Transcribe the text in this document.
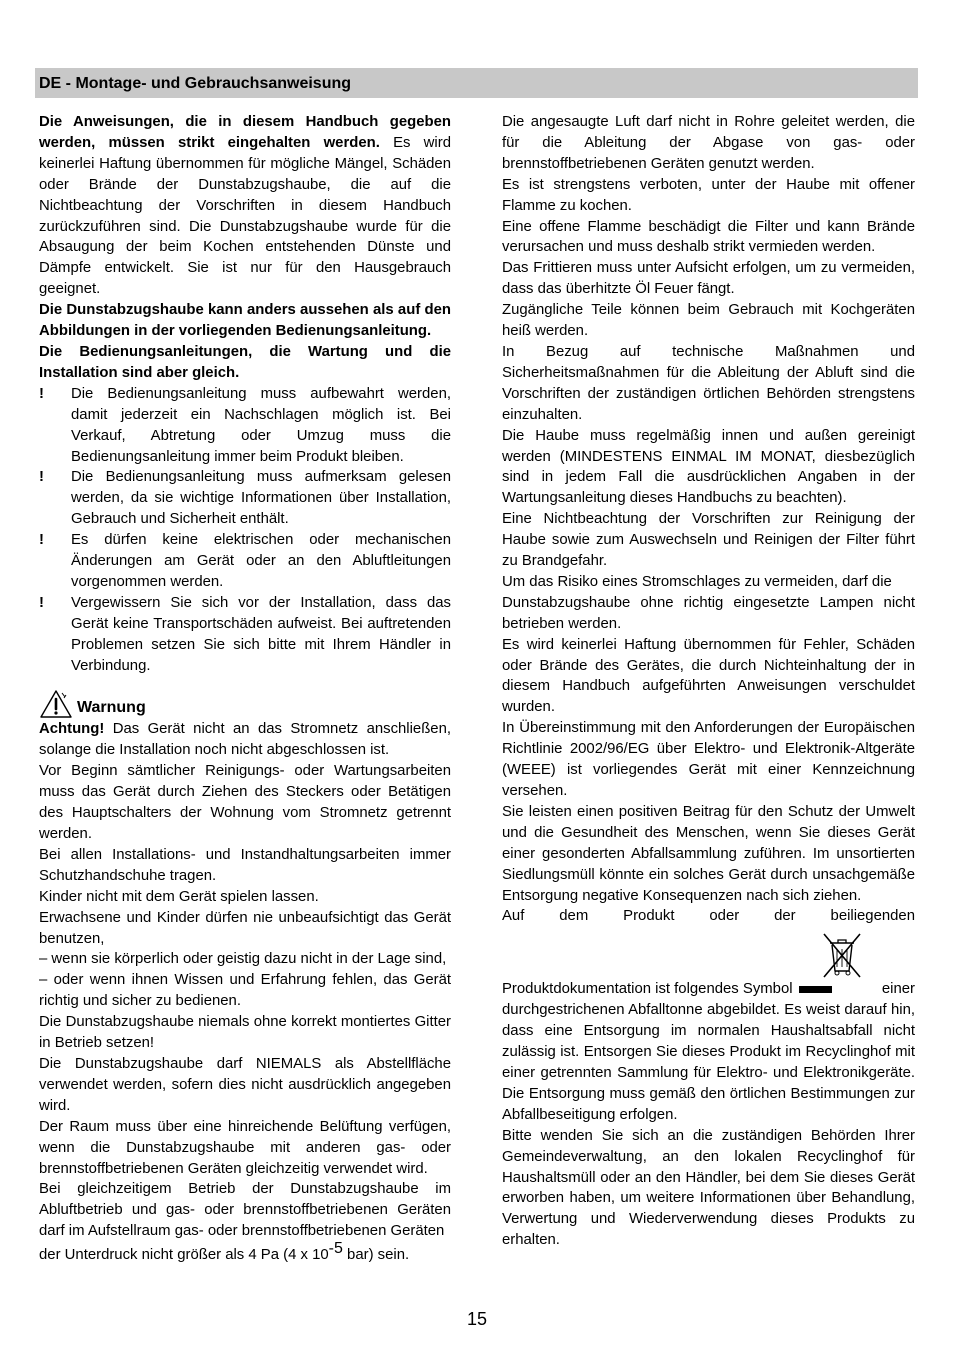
DE - Montage- und Gebrauchsanweisung

Die Anweisungen, die in diesem Handbuch gegeben werden, müssen strikt eingehalten werden. Es wird keinerlei Haftung übernommen für mögliche Mängel, Schäden oder Brände der Dunstabzugshaube, die auf die Nichtbeachtung der Vorschriften in diesem Handbuch zurückzuführen sind. Die Dunstabzugshaube wurde für die Absaugung der beim Kochen entstehenden Dünste und Dämpfe entwickelt. Sie ist nur für den Hausgebrauch geeignet.

Die Dunstabzugshaube kann anders aussehen als auf den Abbildungen in der vorliegenden Bedienungsanleitung.

Die Bedienungsanleitungen, die Wartung und die Installation sind aber gleich.

!	Die Bedienungsanleitung muss aufbewahrt werden, damit jederzeit ein Nachschlagen möglich ist. Bei Verkauf, Abtretung oder Umzug muss die Bedienungsanleitung immer beim Produkt bleiben.
!	Die Bedienungsanleitung muss aufmerksam gelesen werden, da sie wichtige Informationen über Installation, Gebrauch und Sicherheit enthält.
!	Es dürfen keine elektrischen oder mechanischen Änderungen am Gerät oder an den Abluftleitungen vorgenommen werden.
!	Vergewissern Sie sich vor der Installation, dass das Gerät keine Transportschäden aufweist. Bei auftretenden Problemen setzen Sie sich bitte mit Ihrem Händler in Verbindung.
Warnung

Achtung! Das Gerät nicht an das Stromnetz anschließen, solange die Installation noch nicht abgeschlossen ist.

Vor Beginn sämtlicher Reinigungs- oder Wartungsarbeiten muss das Gerät durch Ziehen des Steckers oder Betätigen des Hauptschalters der Wohnung vom Stromnetz getrennt werden.

Bei allen Installations- und Instandhaltungsarbeiten immer Schutzhandschuhe tragen.

Kinder nicht mit dem Gerät spielen lassen.

Erwachsene und Kinder dürfen nie unbeaufsichtigt das Gerät benutzen,

– wenn sie körperlich oder geistig dazu nicht in der Lage sind,

– oder wenn ihnen Wissen und Erfahrung fehlen, das Gerät richtig und sicher zu bedienen.

Die Dunstabzugshaube niemals ohne korrekt montiertes Gitter in Betrieb setzen!

Die Dunstabzugshaube darf NIEMALS als Abstellfläche verwendet werden, sofern dies nicht ausdrücklich angegeben wird.

Der Raum muss über eine hinreichende Belüftung verfügen, wenn die Dunstabzugshaube mit anderen gas- oder brennstoffbetriebenen Geräten gleichzeitig verwendet wird.

Bei gleichzeitigem Betrieb der Dunstabzugshaube im Abluftbetrieb und gas- oder brennstoffbetriebenen Geräten darf im Aufstellraum gas- oder brennstoffbetriebenen Geräten

der Unterdruck nicht größer als 4 Pa (4 x 10-5 bar) sein.

Die angesaugte Luft darf nicht in Rohre geleitet werden, die für die Ableitung der Abgase von gas- oder brennstoffbetriebenen Geräten genutzt werden.

Es ist strengstens verboten, unter der Haube mit offener Flamme zu kochen.

Eine offene Flamme beschädigt die Filter und kann Brände verursachen und muss deshalb strikt vermieden werden.

Das Frittieren muss unter Aufsicht erfolgen, um zu vermeiden, dass das überhitzte Öl Feuer fängt.

Zugängliche Teile können beim Gebrauch mit Kochgeräten heiß werden.

In Bezug auf technische Maßnahmen und Sicherheitsmaßnahmen für die Ableitung der Abluft sind die Vorschriften der zuständigen örtlichen Behörden strengstens einzuhalten.

Die Haube muss regelmäßig innen und außen gereinigt werden (MINDESTENS EINMAL IM MONAT, diesbezüglich sind in jedem Fall die ausdrücklichen Angaben in der Wartungsanleitung dieses Handbuchs zu beachten).

Eine Nichtbeachtung der Vorschriften zur Reinigung der Haube sowie zum Auswechseln und Reinigen der Filter führt zu Brandgefahr.

Um das Risiko eines Stromschlages zu vermeiden, darf die

Dunstabzugshaube ohne richtig eingesetzte Lampen nicht betrieben werden.

Es wird keinerlei Haftung übernommen für Fehler, Schäden oder Brände des Gerätes, die durch Nichteinhaltung der in diesem Handbuch aufgeführten Anweisungen verschuldet wurden.

In Übereinstimmung mit den Anforderungen der Europäischen Richtlinie 2002/96/EG über Elektro- und Elektronik-Altgeräte (WEEE) ist vorliegendes Gerät mit einer Kennzeichnung versehen.

Sie leisten einen positiven Beitrag für den Schutz der Umwelt und die Gesundheit des Menschen, wenn Sie dieses Gerät einer gesonderten Abfallsammlung zuführen. Im unsortierten Siedlungsmüll könnte ein solches Gerät durch unsachgemäße Entsorgung negative Konsequenzen nach sich ziehen.

Auf dem Produkt oder der beiliegenden

Produktdokumentation ist folgendes Symbol	einer

durchgestrichenen Abfalltonne abgebildet. Es weist darauf hin, dass eine Entsorgung im normalen Haushaltsabfall nicht zulässig ist. Entsorgen Sie dieses Produkt im Recyclinghof mit einer getrennten Sammlung für Elektro- und Elektronikgeräte. Die Entsorgung muss gemäß den örtlichen Bestimmungen zur Abfallbeseitigung erfolgen.

Bitte wenden Sie sich an die zuständigen Behörden Ihrer Gemeindeverwaltung, an den lokalen Recyclinghof für Haushaltsmüll oder an den Händler, bei dem Sie dieses Gerät erworben haben, um weitere Informationen über Behandlung, Verwertung und Wiederverwendung dieses Produkts zu erhalten.

15
